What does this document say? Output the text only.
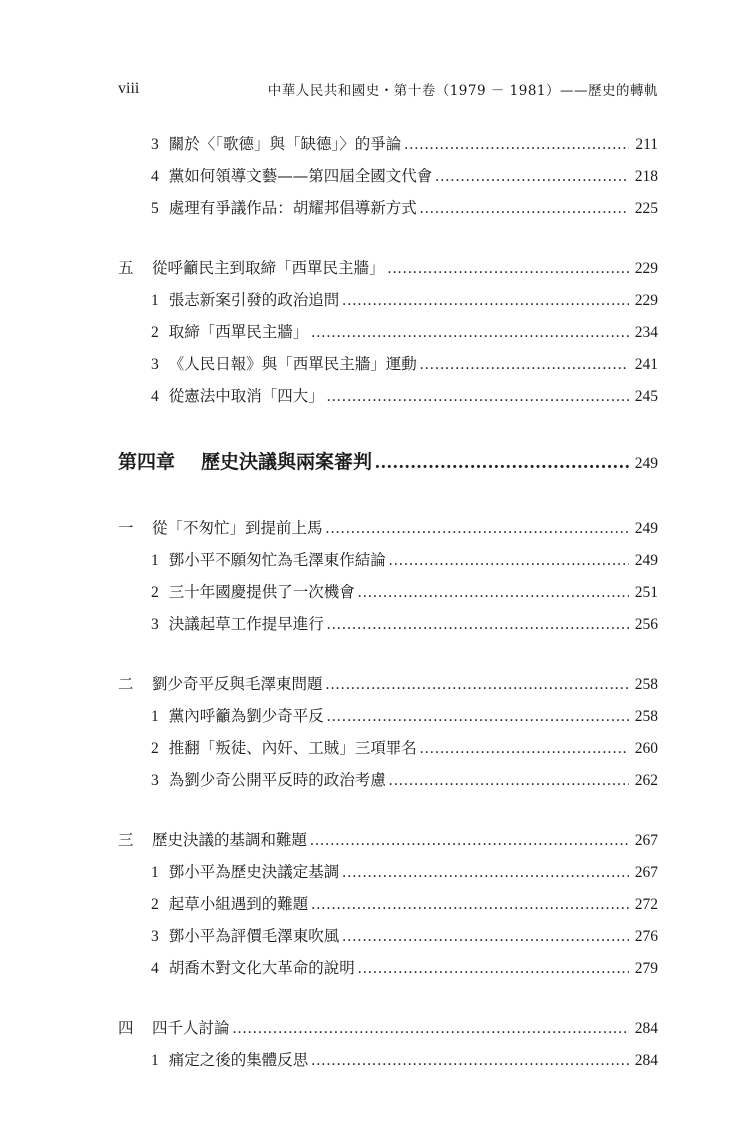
viii	中華人民共和國史・第十卷（1979 － 1981）——歷史的轉軌
3 關於〈「歌德」與「缺德」〉的爭論 .....	211
4 黨如何領導文藝——第四屆全國文代會 .....	218
5 處理有爭議作品：胡耀邦倡導新方式 .....	225
五	從呼籲民主到取締「西單民主牆」 .....	229
1 張志新案引發的政治追問 .....	229
2 取締「西單民主牆」 .....	234
3 《人民日報》與「西單民主牆」運動 .....	241
4 從憲法中取消「四大」 .....	245
第四章 歷史決議與兩案審判 .....	249
一	從「不匆忙」到提前上馬 .....	249
1 鄧小平不願匆忙為毛澤東作結論 .....	249
2 三十年國慶提供了一次機會 .....	251
3 決議起草工作提早進行 .....	256
二	劉少奇平反與毛澤東問題 .....	258
1 黨內呼籲為劉少奇平反 .....	258
2 推翻「叛徒、內奸、工賊」三項罪名 .....	260
3 為劉少奇公開平反時的政治考慮 .....	262
三	歷史決議的基調和難題 .....	267
1 鄧小平為歷史決議定基調 .....	267
2 起草小組遇到的難題 .....	272
3 鄧小平為評價毛澤東吹風 .....	276
4 胡喬木對文化大革命的說明 .....	279
四	四千人討論 .....	284
1 痛定之後的集體反思 .....	284
